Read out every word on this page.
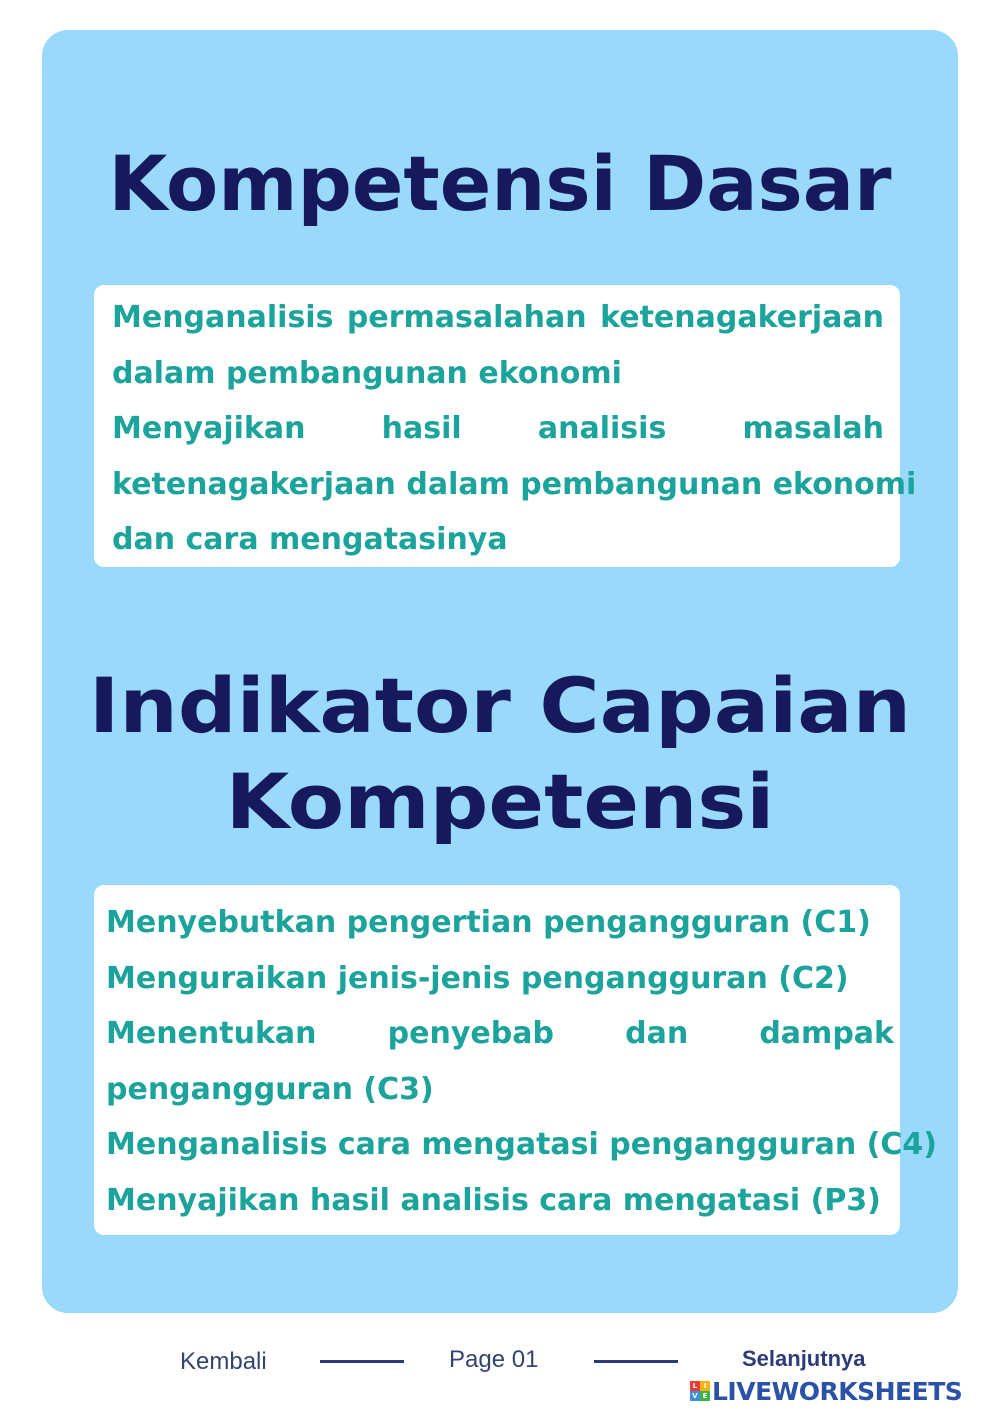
Kompetensi Dasar
Menganalisis permasalahan ketenagakerjaan
dalam pembangunan ekonomi
Menyajikan hasil analisis masalah
ketenagakerjaan dalam pembangunan ekonomi
dan cara mengatasinya
Indikator Capaian
Kompetensi
Menyebutkan pengertian pengangguran (C1)
Menguraikan jenis-jenis pengangguran (C2)
Menentukan penyebab dan dampak
pengangguran (C3)
Menganalisis cara mengatasi pengangguran (C4)
Menyajikan hasil analisis cara mengatasi (P3)
Kembali	Page 01	Selanjutnya
L I
V E LIVEWORKSHEETS
